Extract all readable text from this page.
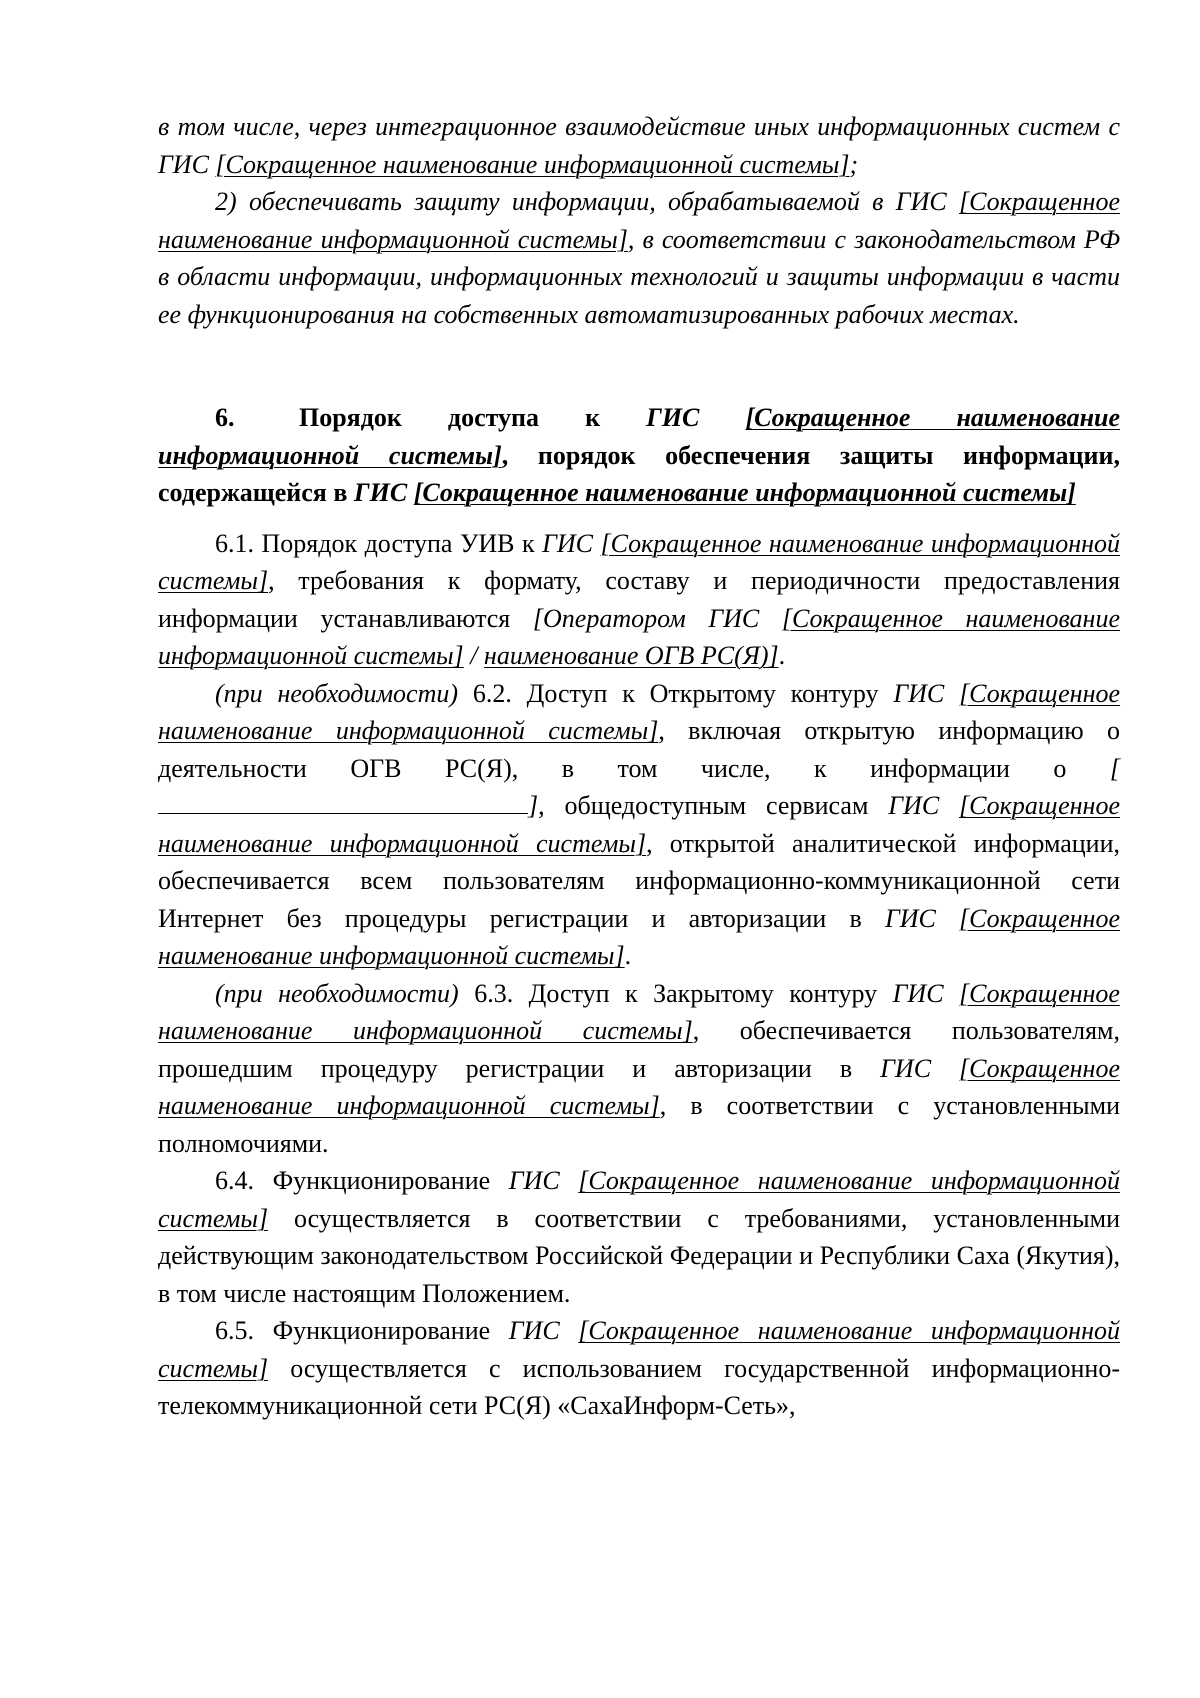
в том числе, через интеграционное взаимодействие иных информационных систем с ГИС [Сокращенное наименование информационной системы];

2) обеспечивать защиту информации, обрабатываемой в ГИС [Сокращенное наименование информационной системы], в соответствии с законодательством РФ в области информации, информационных технологий и защиты информации в части ее функционирования на собственных автоматизированных рабочих местах.

6. Порядок доступа к ГИС [Сокращенное наименование информационной системы], порядок обеспечения защиты информации, содержащейся в ГИС [Сокращенное наименование информационной системы]

6.1. Порядок доступа УИВ к ГИС [Сокращенное наименование информационной системы], требования к формату, составу и периодичности предоставления информации устанавливаются [Оператором ГИС [Сокращенное наименование информационной системы] / наименование ОГВ РС(Я)].

(при необходимости) 6.2. Доступ к Открытому контуру ГИС [Сокращенное наименование информационной системы], включая открытую информацию о деятельности ОГВ РС(Я), в том числе, к информации о [], общедоступным сервисам ГИС [Сокращенное наименование информационной системы], открытой аналитической информации, обеспечивается всем пользователям информационно-коммуникационной сети Интернет без процедуры регистрации и авторизации в ГИС [Сокращенное наименование информационной системы].

(при необходимости) 6.3. Доступ к Закрытому контуру ГИС [Сокращенное наименование информационной системы], обеспечивается пользователям, прошедшим процедуру регистрации и авторизации в ГИС [Сокращенное наименование информационной системы], в соответствии с установленными полномочиями.

6.4. Функционирование ГИС [Сокращенное наименование информационной системы] осуществляется в соответствии с требованиями, установленными действующим законодательством Российской Федерации и Республики Саха (Якутия), в том числе настоящим Положением.

6.5. Функционирование ГИС [Сокращенное наименование информационной системы] осуществляется с использованием государственной информационно-телекоммуникационной сети РС(Я) «СахаИнформ-Сеть»,
